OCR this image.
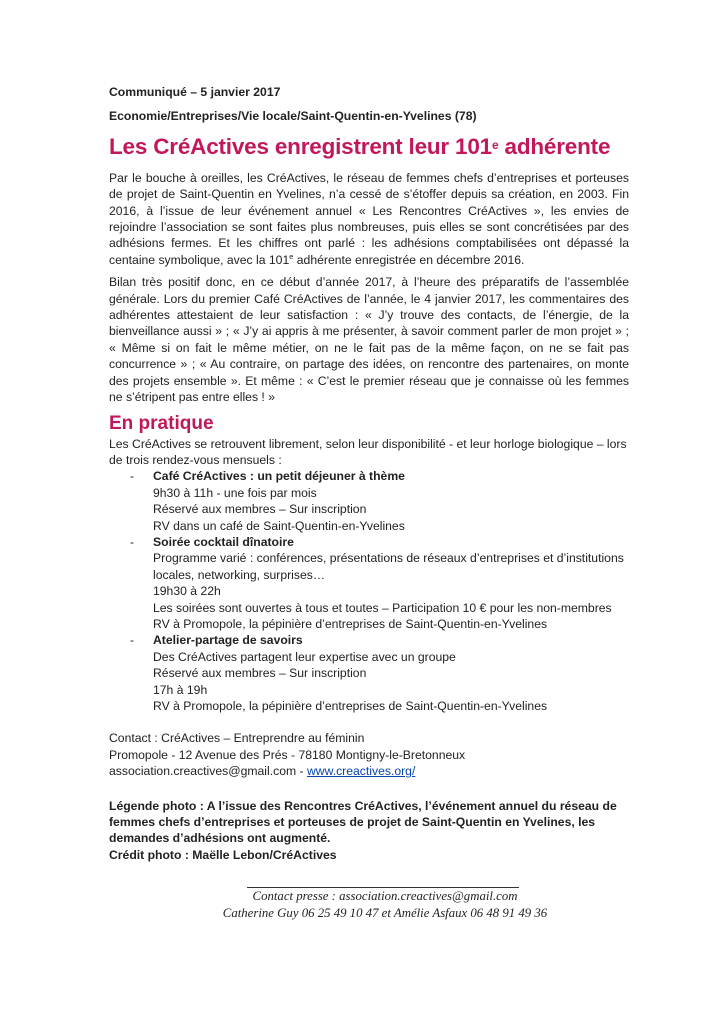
Communiqué – 5 janvier 2017
Economie/Entreprises/Vie locale/Saint-Quentin-en-Yvelines (78)
Les CréActives enregistrent leur 101e adhérente

Par le bouche à oreilles, les CréActives, le réseau de femmes chefs d’entreprises et porteuses de projet de Saint-Quentin en Yvelines, n’a cessé de s’étoffer depuis sa création, en 2003. Fin 2016, à l’issue de leur événement annuel « Les Rencontres CréActives », les envies de rejoindre l’association se sont faites plus nombreuses, puis elles se sont concrétisées par des adhésions fermes. Et les chiffres ont parlé : les adhésions comptabilisées ont dépassé la centaine symbolique, avec la 101e adhérente enregistrée en décembre 2016.

Bilan très positif donc, en ce début d’année 2017, à l’heure des préparatifs de l’assemblée générale. Lors du premier Café CréActives de l’année, le 4 janvier 2017, les commentaires des adhérentes attestaient de leur satisfaction : « J’y trouve des contacts, de l’énergie, de la bienveillance aussi » ; « J’y ai appris à me présenter, à savoir comment parler de mon projet » ; « Même si on fait le même métier, on ne le fait pas de la même façon, on ne se fait pas concurrence » ; « Au contraire, on partage des idées, on rencontre des partenaires, on monte des projets ensemble ». Et même : « C’est le premier réseau que je connaisse où les femmes ne s’étripent pas entre elles ! »

En pratique
Les CréActives se retrouvent librement, selon leur disponibilité - et leur horloge biologique – lors de trois rendez-vous mensuels :
- Café CréActives : un petit déjeuner à thème
9h30 à 11h - une fois par mois
Réservé aux membres – Sur inscription
RV dans un café de Saint-Quentin-en-Yvelines
- Soirée cocktail dînatoire
Programme varié : conférences, présentations de réseaux d’entreprises et d’institutions locales, networking, surprises…
19h30 à 22h
Les soirées sont ouvertes à tous et toutes – Participation 10 € pour les non-membres
RV à Promopole, la pépinière d’entreprises de Saint-Quentin-en-Yvelines
- Atelier-partage de savoirs
Des CréActives partagent leur expertise avec un groupe
Réservé aux membres – Sur inscription
17h à 19h
RV à Promopole, la pépinière d’entreprises de Saint-Quentin-en-Yvelines
Contact : CréActives – Entreprendre au féminin
Promopole - 12 Avenue des Prés - 78180 Montigny-le-Bretonneux
association.creactives@gmail.com - www.creactives.org/
Légende photo : A l’issue des Rencontres CréActives, l’événement annuel du réseau de femmes chefs d’entreprises et porteuses de projet de Saint-Quentin en Yvelines, les demandes d’adhésions ont augmenté.
Crédit photo : Maëlle Lebon/CréActives
Contact presse : association.creactives@gmail.com
Catherine Guy 06 25 49 10 47 et Amélie Asfaux 06 48 91 49 36
